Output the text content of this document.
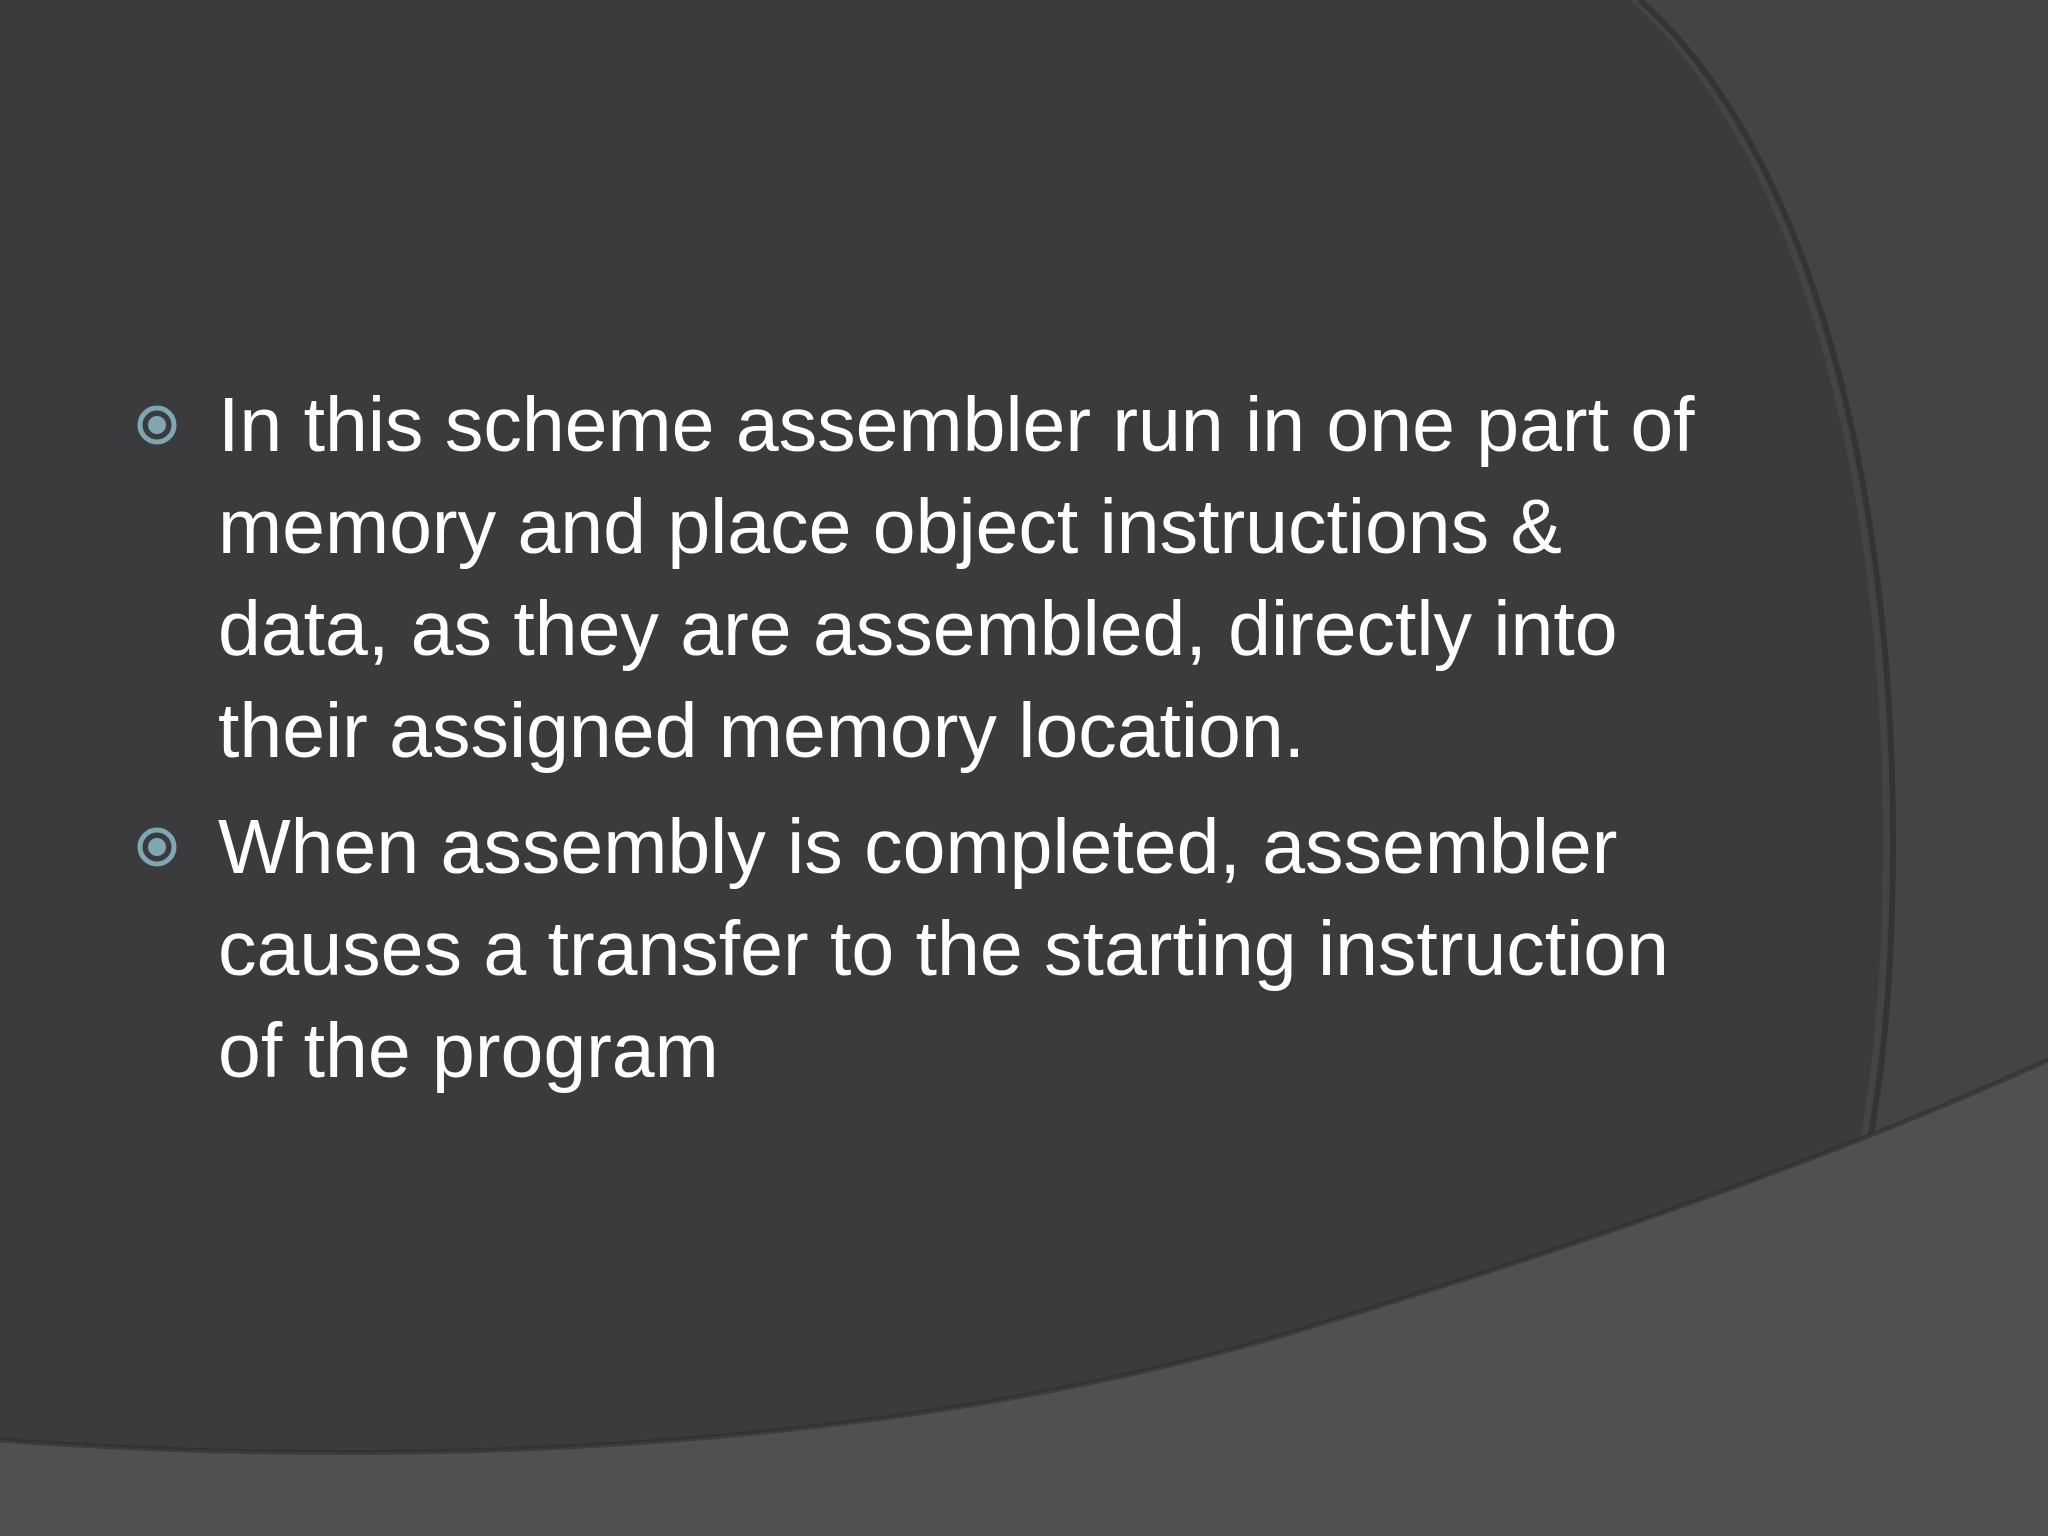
In this scheme assembler run in one part of memory and place object instructions & data, as they are assembled, directly into their assigned memory location.
When assembly is completed, assembler causes a transfer to the starting instruction of the program
